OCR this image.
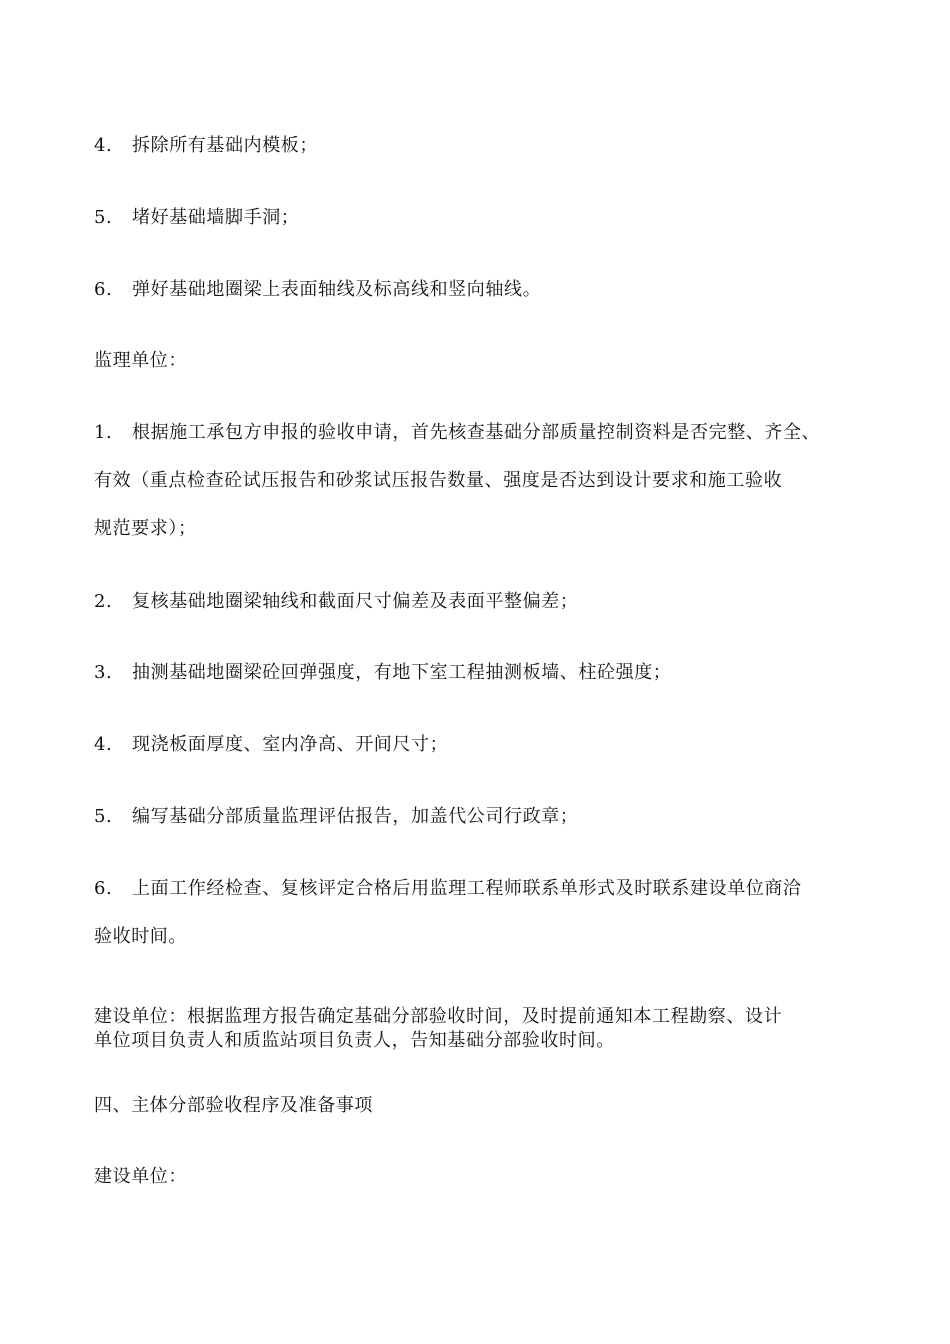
4. 拆除所有基础内模板；
5. 堵好基础墙脚手洞；
6. 弹好基础地圈梁上表面轴线及标高线和竖向轴线。
监理单位：
1. 根据施工承包方申报的验收申请，首先核查基础分部质量控制资料是否完整、齐全、
有效（重点检查砼试压报告和砂浆试压报告数量、强度是否达到设计要求和施工验收
规范要求）；
2. 复核基础地圈梁轴线和截面尺寸偏差及表面平整偏差；
3. 抽测基础地圈梁砼回弹强度，有地下室工程抽测板墙、柱砼强度；
4. 现浇板面厚度、室内净高、开间尺寸；
5. 编写基础分部质量监理评估报告，加盖代公司行政章；
6. 上面工作经检查、复核评定合格后用监理工程师联系单形式及时联系建设单位商洽
验收时间。
建设单位：根据监理方报告确定基础分部验收时间，及时提前通知本工程勘察、设计
单位项目负责人和质监站项目负责人，告知基础分部验收时间。
四、主体分部验收程序及准备事项
建设单位：
